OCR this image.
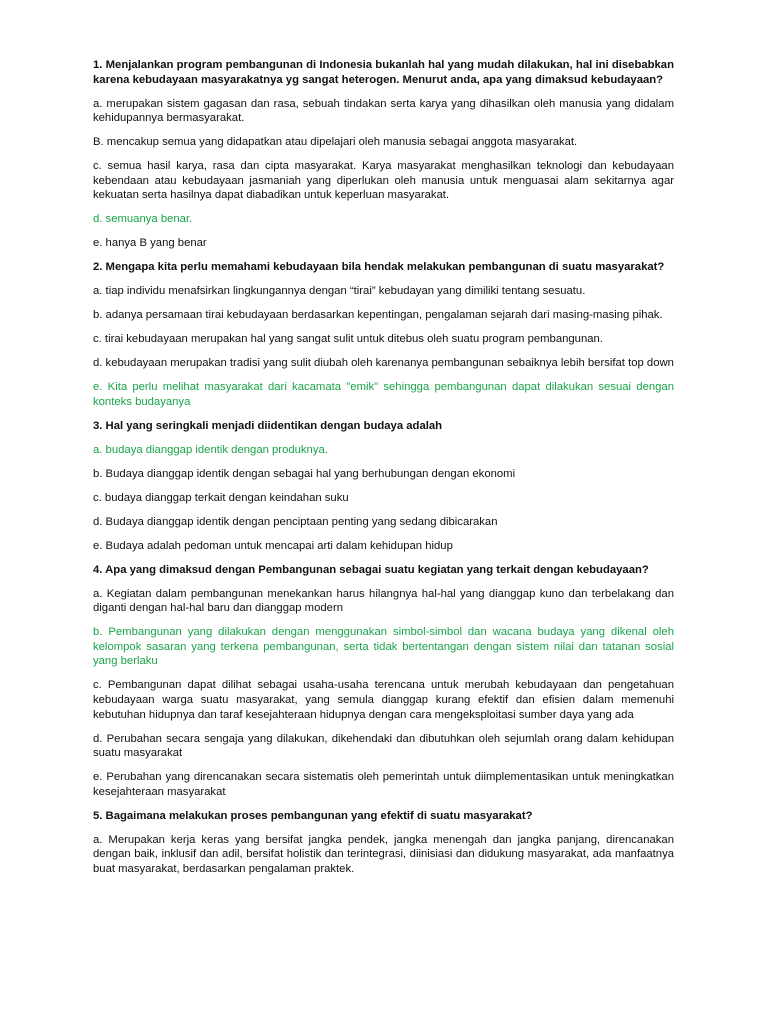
1. Menjalankan program pembangunan di Indonesia bukanlah hal yang mudah dilakukan, hal ini disebabkan karena kebudayaan masyarakatnya yg sangat heterogen. Menurut anda, apa yang dimaksud kebudayaan?

a. merupakan sistem gagasan dan rasa, sebuah tindakan serta karya yang dihasilkan oleh manusia yang didalam kehidupannya bermasyarakat.

B. mencakup semua yang didapatkan atau dipelajari oleh manusia sebagai anggota masyarakat.

c. semua hasil karya, rasa dan cipta masyarakat. Karya masyarakat menghasilkan teknologi dan kebudayaan kebendaan atau kebudayaan jasmaniah yang diperlukan oleh manusia untuk menguasai alam sekitarnya agar kekuatan serta hasilnya dapat diabadikan untuk keperluan masyarakat.

d. semuanya benar.

e. hanya B yang benar

2. Mengapa kita perlu memahami kebudayaan bila hendak melakukan pembangunan di suatu masyarakat?

a. tiap individu menafsirkan lingkungannya dengan “tirai” kebudayan yang dimiliki tentang sesuatu.

b. adanya persamaan tirai kebudayaan berdasarkan kepentingan, pengalaman sejarah dari masing-masing pihak.

c. tirai kebudayaan merupakan hal yang sangat sulit untuk ditebus oleh suatu program pembangunan.

d. kebudayaan merupakan tradisi yang sulit diubah oleh karenanya pembangunan sebaiknya lebih bersifat top down

e. Kita perlu melihat masyarakat dari kacamata "emik" sehingga pembangunan dapat dilakukan sesuai dengan konteks budayanya

3. Hal yang seringkali menjadi diidentikan dengan budaya adalah

a. budaya dianggap identik dengan produknya.

b. Budaya dianggap identik dengan sebagai hal yang berhubungan dengan ekonomi

c. budaya dianggap terkait dengan keindahan suku

d. Budaya dianggap identik dengan penciptaan penting yang sedang dibicarakan

e. Budaya adalah pedoman untuk mencapai arti dalam kehidupan hidup

4. Apa yang dimaksud dengan Pembangunan sebagai suatu kegiatan yang terkait dengan kebudayaan?

a. Kegiatan dalam pembangunan menekankan harus hilangnya hal-hal yang dianggap kuno dan terbelakang dan diganti dengan hal-hal baru dan dianggap modern

b. Pembangunan yang dilakukan dengan menggunakan simbol-simbol dan wacana budaya yang dikenal oleh kelompok sasaran yang terkena pembangunan, serta tidak bertentangan dengan sistem nilai dan tatanan sosial yang berlaku

c. Pembangunan dapat dilihat sebagai usaha-usaha terencana untuk merubah kebudayaan dan pengetahuan kebudayaan warga suatu masyarakat, yang semula dianggap kurang efektif dan efisien dalam memenuhi kebutuhan hidupnya dan taraf kesejahteraan hidupnya dengan cara mengeksploitasi sumber daya yang ada

d. Perubahan secara sengaja yang dilakukan, dikehendaki dan dibutuhkan oleh sejumlah orang dalam kehidupan suatu masyarakat

e. Perubahan yang direncanakan secara sistematis oleh pemerintah untuk diimplementasikan untuk meningkatkan kesejahteraan masyarakat

5. Bagaimana melakukan proses pembangunan yang efektif di suatu masyarakat?

a. Merupakan kerja keras yang bersifat jangka pendek, jangka menengah dan jangka panjang, direncanakan dengan baik, inklusif dan adil, bersifat holistik dan terintegrasi, diinisiasi dan didukung masyarakat, ada manfaatnya buat masyarakat, berdasarkan pengalaman praktek.
